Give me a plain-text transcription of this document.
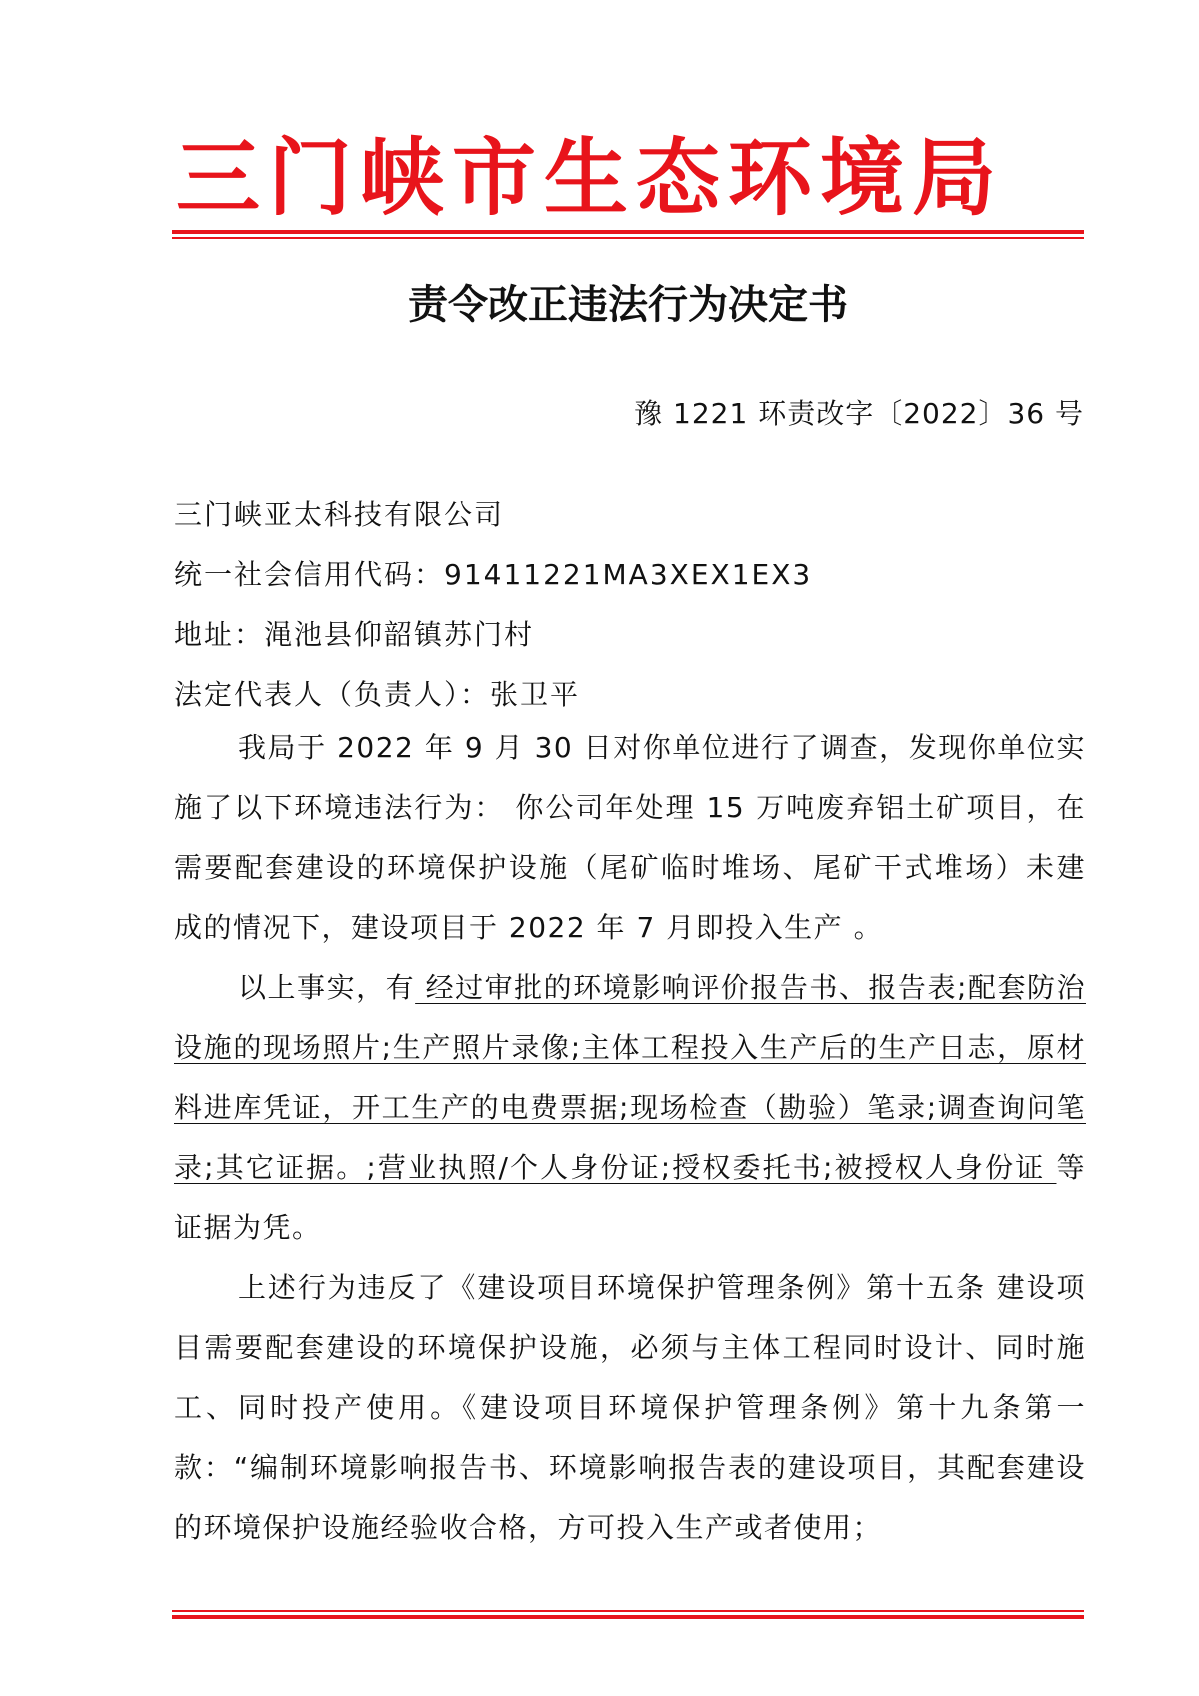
三门峡市生态环境局
责令改正违法行为决定书
豫 1221 环责改字〔2022〕36 号
三门峡亚太科技有限公司
统一社会信用代码：91411221MA3XEX1EX3
地址：渑池县仰韶镇苏门村
法定代表人（负责人）：张卫平
我局于 2022 年 9 月 30 日对你单位进行了调查，发现你单位实施了以下环境违法行为： 你公司年处理 15 万吨废弃铝土矿项目，在需要配套建设的环境保护设施（尾矿临时堆场、尾矿干式堆场）未建成的情况下，建设项目于 2022 年 7 月即投入生产 。
以上事实，有 经过审批的环境影响评价报告书、报告表;配套防治设施的现场照片;生产照片录像;主体工程投入生产后的生产日志，原材料进库凭证，开工生产的电费票据;现场检查（勘验）笔录;调查询问笔录;其它证据。;营业执照/个人身份证;授权委托书;被授权人身份证 等证据为凭。
上述行为违反了《建设项目环境保护管理条例》第十五条 建设项目需要配套建设的环境保护设施，必须与主体工程同时设计、同时施工、同时投产使用。《建设项目环境保护管理条例》第十九条第一款：“编制环境影响报告书、环境影响报告表的建设项目，其配套建设的环境保护设施经验收合格，方可投入生产或者使用；
